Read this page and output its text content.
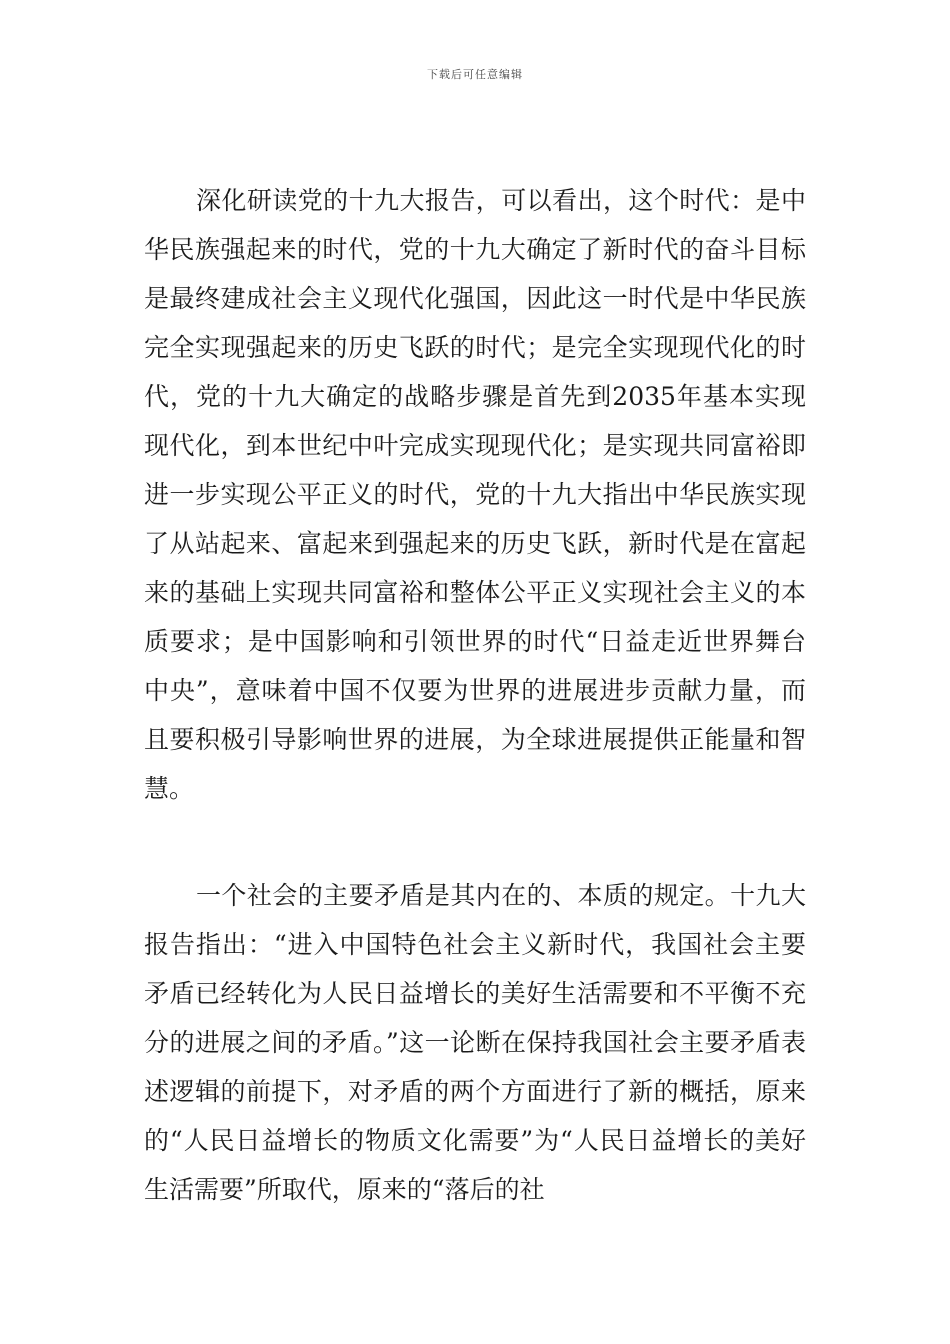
下载后可任意编辑

深化研读党的十九大报告，可以看出，这个时代：是中华民族强起来的时代，党的十九大确定了新时代的奋斗目标是最终建成社会主义现代化强国，因此这一时代是中华民族完全实现强起来的历史飞跃的时代；是完全实现现代化的时代，党的十九大确定的战略步骤是首先到2035年基本实现现代化，到本世纪中叶完成实现现代化；是实现共同富裕即进一步实现公平正义的时代，党的十九大指出中华民族实现了从站起来、富起来到强起来的历史飞跃，新时代是在富起来的基础上实现共同富裕和整体公平正义实现社会主义的本质要求；是中国影响和引领世界的时代“日益走近世界舞台中央”，意味着中国不仅要为世界的进展进步贡献力量，而且要积极引导影响世界的进展，为全球进展提供正能量和智慧。

一个社会的主要矛盾是其内在的、本质的规定。十九大报告指出：“进入中国特色社会主义新时代，我国社会主要矛盾已经转化为人民日益增长的美好生活需要和不平衡不充分的进展之间的矛盾。”这一论断在保持我国社会主要矛盾表述逻辑的前提下，对矛盾的两个方面进行了新的概括，原来的“人民日益增长的物质文化需要”为“人民日益增长的美好生活需要”所取代，原来的“落后的社
